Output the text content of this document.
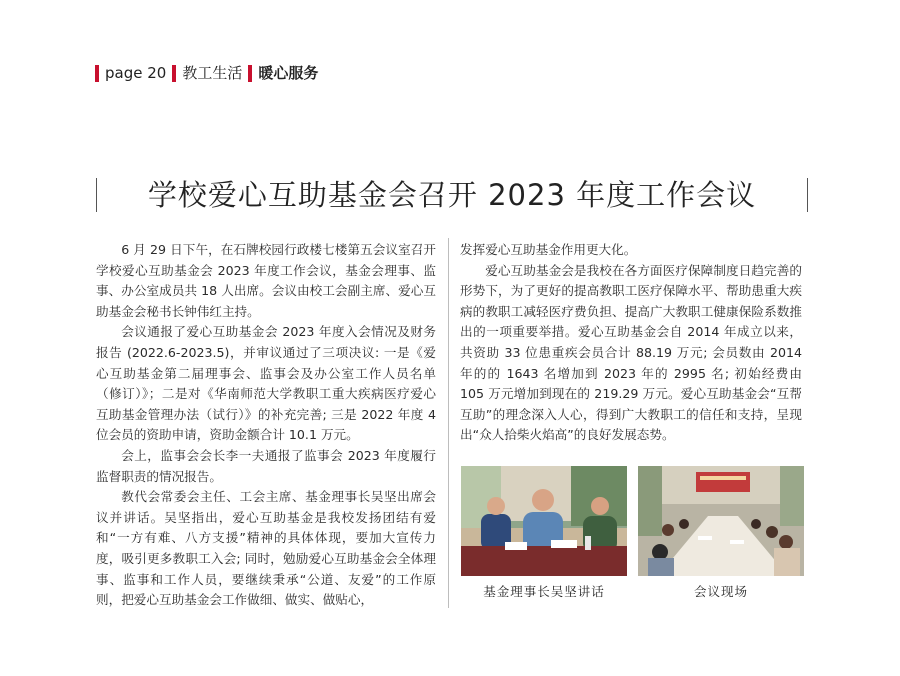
page 20 教工生活 暖心服务
学校爱心互助基金会召开 2023 年度工作会议

6 月 29 日下午，在石牌校园行政楼七楼第五会议室召开学校爱心互助基金会 2023 年度工作会议，基金会理事、监事、办公室成员共 18 人出席。会议由校工会副主席、爱心互助基金会秘书长钟伟红主持。

会议通报了爱心互助基金会 2023 年度入会情况及财务报告 (2022.6-2023.5)，并审议通过了三项决议: 一是《爱心互助基金第二届理事会、监事会及办公室工作人员名单（修订）》；二是对《华南师范大学教职工重大疾病医疗爱心互助基金管理办法（试行）》的补充完善; 三是 2022 年度 4 位会员的资助申请，资助金额合计 10.1 万元。

会上，监事会会长李一夫通报了监事会 2023 年度履行监督职责的情况报告。

教代会常委会主任、工会主席、基金理事长吴坚出席会议并讲话。吴坚指出，爱心互助基金是我校发扬团结有爱和“一方有难、八方支援”精神的具体体现，要加大宣传力度，吸引更多教职工入会; 同时，勉励爱心互助基金会全体理事、监事和工作人员，要继续秉承“公道、友爱”的工作原则，把爱心互助基金会工作做细、做实、做贴心，

发挥爱心互助基金作用更大化。

爱心互助基金会是我校在各方面医疗保障制度日趋完善的形势下，为了更好的提高教职工医疗保障水平、帮助患重大疾病的教职工减轻医疗费负担、提高广大教职工健康保险系数推出的一项重要举措。爱心互助基金会自 2014 年成立以来，共资助 33 位患重疾会员合计 88.19 万元; 会员数由 2014 年的的 1643 名增加到 2023 年的 2995 名; 初始经费由 105 万元增加到现在的 219.29 万元。爱心互助基金会“互帮互助”的理念深入人心，得到广大教职工的信任和支持，呈现出“众人拾柴火焰高”的良好发展态势。

基金理事长吴坚讲话	会议现场
